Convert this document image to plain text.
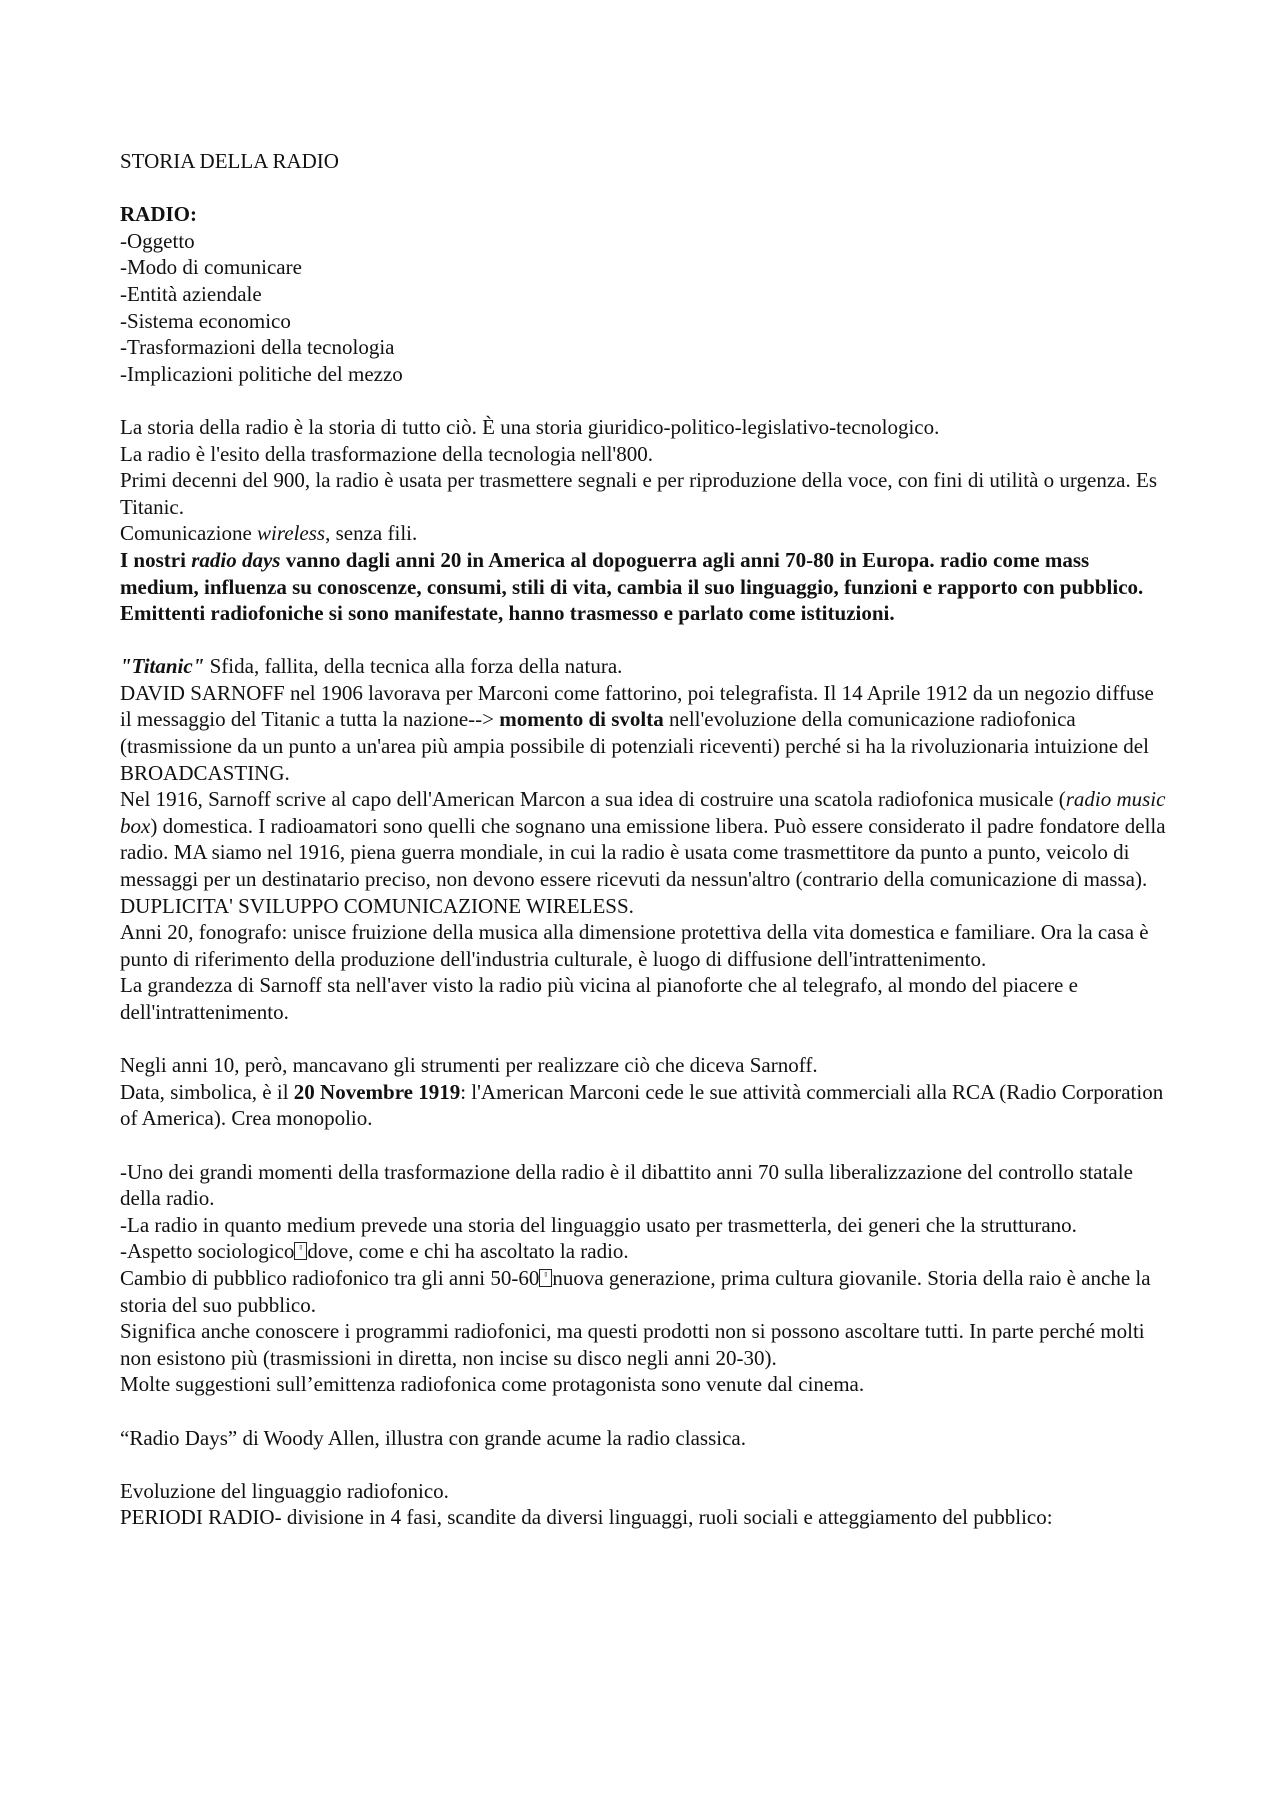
STORIA DELLA RADIO

RADIO:

-Oggetto
-Modo di comunicare
-Entità aziendale
-Sistema economico
-Trasformazioni della tecnologia
-Implicazioni politiche del mezzo
La storia della radio è la storia di tutto ciò. È una storia giuridico-politico-legislativo-tecnologico.
La radio è l'esito della trasformazione della tecnologia nell'800.
Primi decenni del 900, la radio è usata per trasmettere segnali e per riproduzione della voce, con fini di utilità o urgenza. Es Titanic.
Comunicazione wireless, senza fili.
I nostri radio days vanno dagli anni 20 in America al dopoguerra agli anni 70-80 in Europa. radio come mass medium, influenza su conoscenze, consumi, stili di vita, cambia il suo linguaggio, funzioni e rapporto con pubblico. Emittenti radiofoniche si sono manifestate, hanno trasmesso e parlato come istituzioni.
"Titanic" Sfida, fallita, della tecnica alla forza della natura.
DAVID SARNOFF nel 1906 lavorava per Marconi come fattorino, poi telegrafista. Il 14 Aprile 1912 da un negozio diffuse il messaggio del Titanic a tutta la nazione--> momento di svolta nell'evoluzione della comunicazione radiofonica (trasmissione da un punto a un'area più ampia possibile di potenziali riceventi) perché si ha la rivoluzionaria intuizione del BROADCASTING.
Nel 1916, Sarnoff scrive al capo dell'American Marcon a sua idea di costruire una scatola radiofonica musicale (radio music box) domestica. I radioamatori sono quelli che sognano una emissione libera. Può essere considerato il padre fondatore della radio. MA siamo nel 1916, piena guerra mondiale, in cui la radio è usata come trasmettitore da punto a punto, veicolo di messaggi per un destinatario preciso, non devono essere ricevuti da nessun'altro (contrario della comunicazione di massa). DUPLICITA' SVILUPPO COMUNICAZIONE WIRELESS.
Anni 20, fonografo: unisce fruizione della musica alla dimensione protettiva della vita domestica e familiare. Ora la casa è punto di riferimento della produzione dell'industria culturale, è luogo di diffusione dell'intrattenimento.
La grandezza di Sarnoff sta nell'aver visto la radio più vicina al pianoforte che al telegrafo, al mondo del piacere e dell'intrattenimento.
Negli anni 10, però, mancavano gli strumenti per realizzare ciò che diceva Sarnoff.
Data, simbolica, è il 20 Novembre 1919: l'American Marconi cede le sue attività commerciali alla RCA (Radio Corporation of America). Crea monopolio.
-Uno dei grandi momenti della trasformazione della radio è il dibattito anni 70 sulla liberalizzazione del controllo statale della radio.
-La radio in quanto medium prevede una storia del linguaggio usato per trasmetterla, dei generi che la strutturano.
-Aspetto sociologico ▯ dove, come e chi ha ascoltato la radio.
Cambio di pubblico radiofonico tra gli anni 50-60 ▯ nuova generazione, prima cultura giovanile. Storia della raio è anche la storia del suo pubblico.
Significa anche conoscere i programmi radiofonici, ma questi prodotti non si possono ascoltare tutti. In parte perché molti non esistono più (trasmissioni in diretta, non incise su disco negli anni 20-30).
Molte suggestioni sull’emittenza radiofonica come protagonista sono venute dal cinema.
“Radio Days” di Woody Allen, illustra con grande acume la radio classica.
Evoluzione del linguaggio radiofonico.
PERIODI RADIO- divisione in 4 fasi, scandite da diversi linguaggi, ruoli sociali e atteggiamento del pubblico:
